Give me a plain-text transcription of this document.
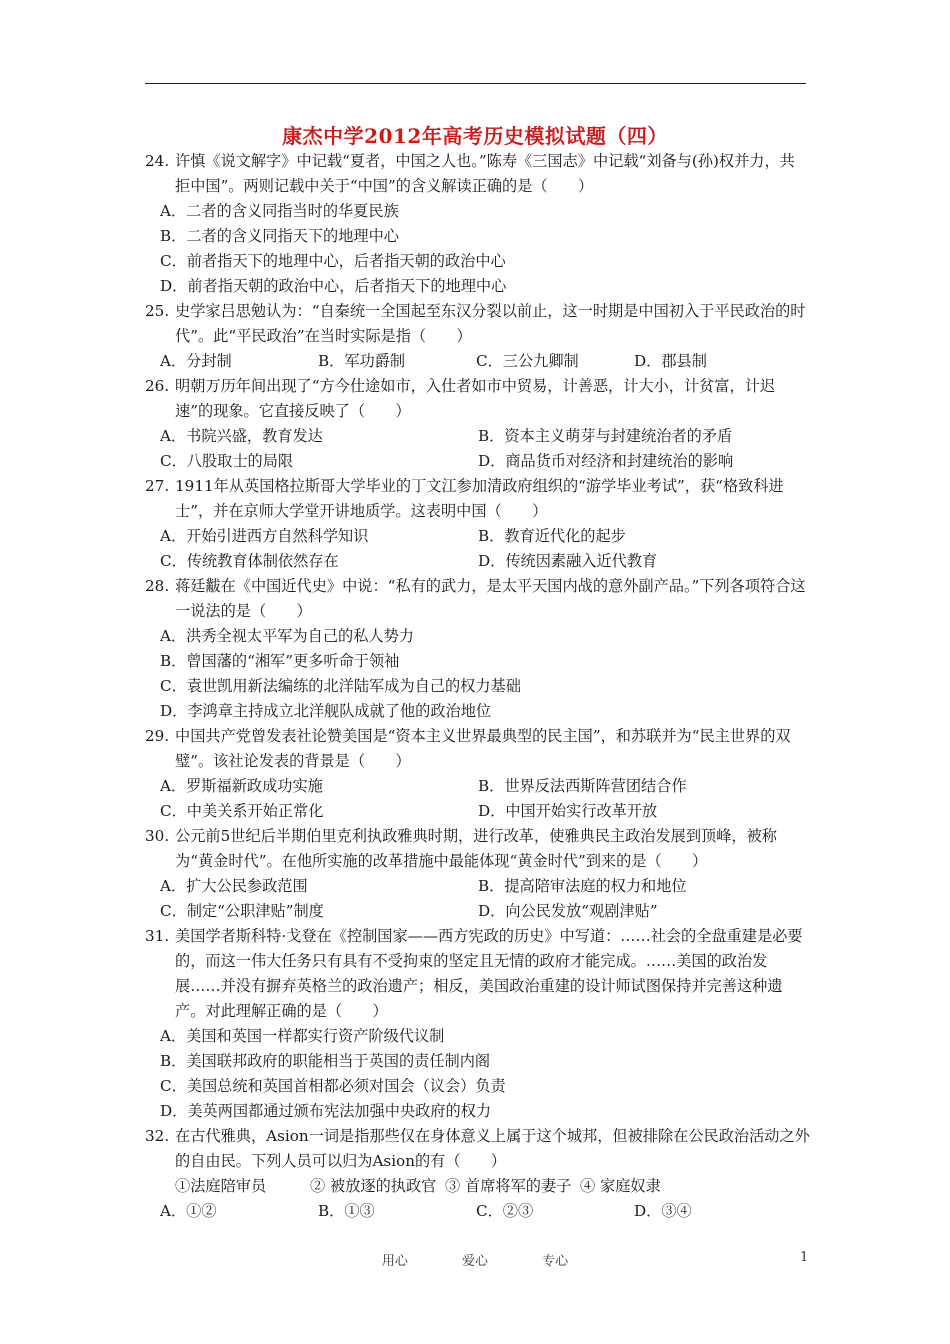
康杰中学2012年高考历史模拟试题（四）
24. 许慎《说文解字》中记载“夏者，中国之人也。”陈寿《三国志》中记载“刘备与(孙)权并力，共拒中国”。两则记载中关于“中国”的含义解读正确的是（　　）
A．二者的含义同指当时的华夏民族
B．二者的含义同指天下的地理中心
C．前者指天下的地理中心，后者指天朝的政治中心
D．前者指天朝的政治中心，后者指天下的地理中心
25. 史学家吕思勉认为：“自秦统一全国起至东汉分裂以前止，这一时期是中国初入于平民政治的时代”。此“平民政治”在当时实际是指（　　）
A．分封制	B．军功爵制	C．三公九卿制	D．郡县制
26. 明朝万历年间出现了“方今仕途如市，入仕者如市中贸易，计善恶，计大小，计贫富，计迟速”的现象。它直接反映了（　　）
A．书院兴盛，教育发达	B．资本主义萌芽与封建统治者的矛盾
C．八股取士的局限	D．商品货币对经济和封建统治的影响
27. 1911年从英国格拉斯哥大学毕业的丁文江参加清政府组织的“游学毕业考试”，获“格致科进士”，并在京师大学堂开讲地质学。这表明中国（　　）
A．开始引进西方自然科学知识	B．教育近代化的起步
C．传统教育体制依然存在	D．传统因素融入近代教育
28. 蒋廷黻在《中国近代史》中说：“私有的武力，是太平天国内战的意外副产品。”下列各项符合这一说法的是（　　）
A．洪秀全视太平军为自己的私人势力
B．曾国藩的“湘军”更多听命于领袖
C．袁世凯用新法编练的北洋陆军成为自己的权力基础
D．李鸿章主持成立北洋舰队成就了他的政治地位
29. 中国共产党曾发表社论赞美国是“资本主义世界最典型的民主国”，和苏联并为“民主世界的双璧”。该社论发表的背景是（　　）
A．罗斯福新政成功实施	B．世界反法西斯阵营团结合作
C．中美关系开始正常化	D．中国开始实行改革开放
30. 公元前5世纪后半期伯里克利执政雅典时期，进行改革，使雅典民主政治发展到顶峰，被称为“黄金时代”。在他所实施的改革措施中最能体现“黄金时代”到来的是（　　）
A．扩大公民参政范围	B．提高陪审法庭的权力和地位
C．制定“公职津贴”制度	D．向公民发放“观剧津贴”
31. 美国学者斯科特·戈登在《控制国家——西方宪政的历史》中写道：……社会的全盘重建是必要的，而这一伟大任务只有具有不受拘束的坚定且无情的政府才能完成。……美国的政治发展……并没有摒弃英格兰的政治遗产；相反，美国政治重建的设计师试图保持并完善这种遗产。对此理解正确的是（　　）
A．美国和英国一样都实行资产阶级代议制
B．美国联邦政府的职能相当于英国的责任制内阁
C．美国总统和英国首相都必须对国会（议会）负责
D．美英两国都通过颁布宪法加强中央政府的权力
32. 在古代雅典，Asion一词是指那些仅在身体意义上属于这个城邦，但被排除在公民政治活动之外的自由民。下列人员可以归为Asion的有（　　）
①法庭陪审员	② 被放逐的执政官 ③ 首席将军的妻子 ④ 家庭奴隶
A．①②	B．①③	C．②③	D．③④
用心	爱心	专心	1
